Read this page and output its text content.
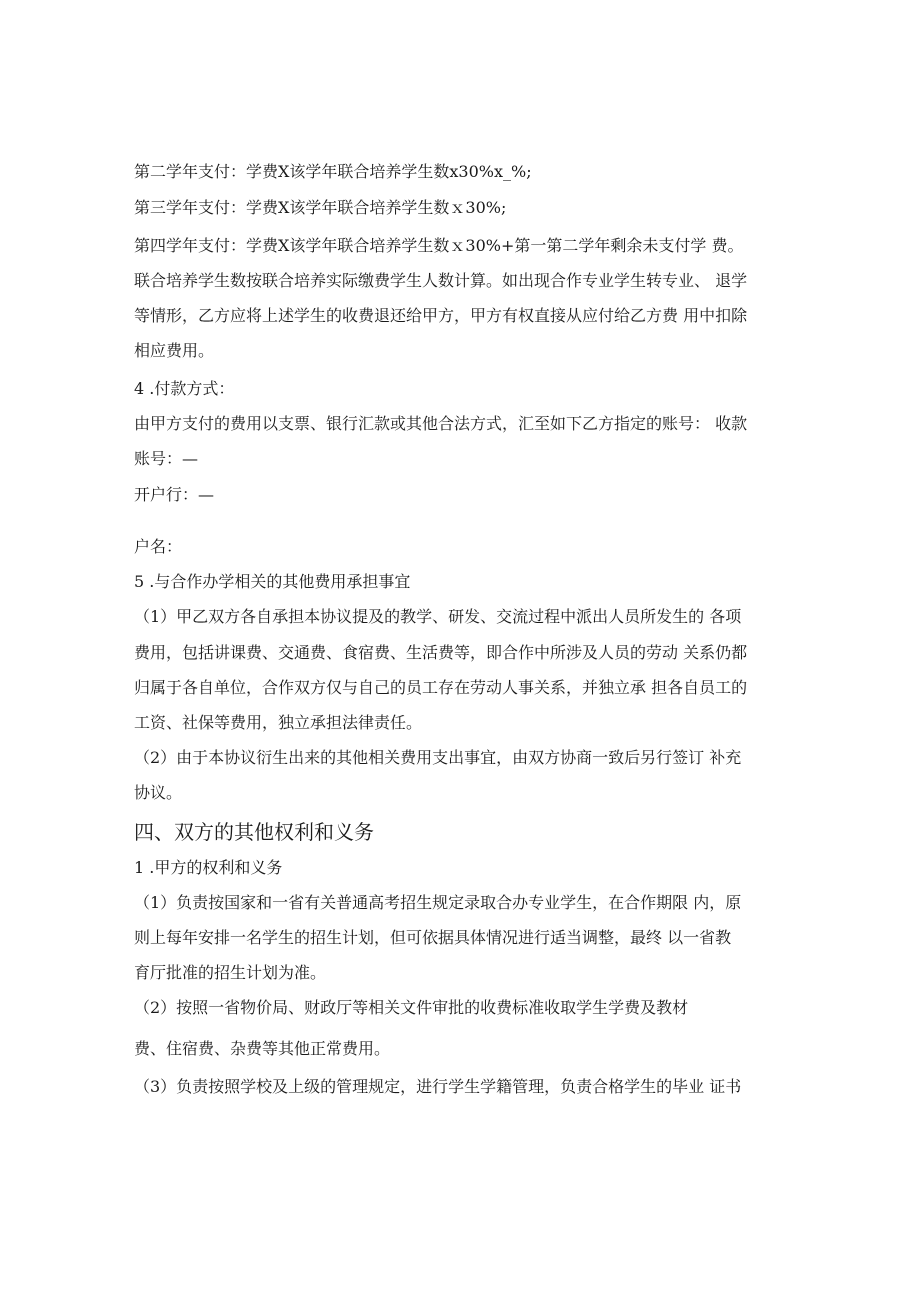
第二学年支付：学费X该学年联合培养学生数x30%x_%;
第三学年支付：学费X该学年联合培养学生数ｘ30%;
第四学年支付：学费X该学年联合培养学生数ｘ30%+第一第二学年剩余未支付学 费。
联合培养学生数按联合培养实际缴费学生人数计算。如出现合作专业学生转专业、 退学
等情形，乙方应将上述学生的收费退还给甲方，甲方有权直接从应付给乙方费 用中扣除
相应费用。
4 .付款方式：
由甲方支付的费用以支票、银行汇款或其他合法方式，汇至如下乙方指定的账号： 收款
账号：—
开户行：—
户名：
5 .与合作办学相关的其他费用承担事宜
（1）甲乙双方各自承担本协议提及的教学、研发、交流过程中派出人员所发生的 各项
费用，包括讲课费、交通费、食宿费、生活费等，即合作中所涉及人员的劳动 关系仍都
归属于各自单位，合作双方仅与自己的员工存在劳动人事关系，并独立承 担各自员工的
工资、社保等费用，独立承担法律责任。
（2）由于本协议衍生出来的其他相关费用支出事宜，由双方协商一致后另行签订 补充
协议。
四、双方的其他权利和义务
1 .甲方的权利和义务
（1）负责按国家和一省有关普通高考招生规定录取合办专业学生，在合作期限 内，原
则上每年安排一名学生的招生计划，但可依据具体情况进行适当调整，最终 以一省教
育厅批准的招生计划为准。
（2）按照一省物价局、财政厅等相关文件审批的收费标准收取学生学费及教材
费、住宿费、杂费等其他正常费用。
（3）负责按照学校及上级的管理规定，进行学生学籍管理，负责合格学生的毕业 证书
